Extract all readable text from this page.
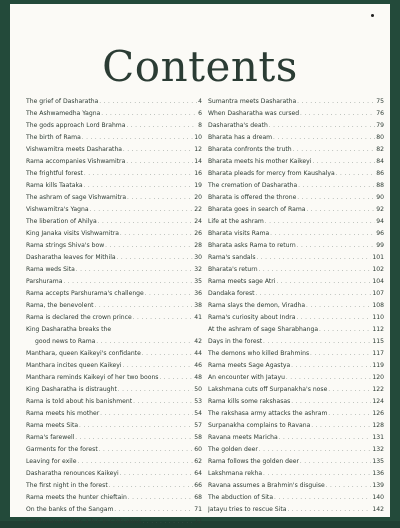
Contents
The grief of Dasharatha . . .	4
The Ashwamedha Yagna . . .	6
The gods approach Lord Brahma . . .	8
The birth of Rama . . .	10
Vishwamitra meets Dasharatha . . .	12
Rama accompanies Vishwamitra . . .	14
The frightful forest . . .	16
Rama kills Taataka . . .	19
The ashram of sage Vishwamitra . . .	20
Vishwamitra's Yagna . . .	22
The liberation of Ahilya . . .	24
King Janaka visits Vishwamitra . . .	26
Rama strings Shiva's bow . . .	28
Dasharatha leaves for Mithila . . .	30
Rama weds Sita . . .	32
Parshurama . . .	35
Rama accepts Parshurama's challenge . . .	36
Rama, the benevolent . . .	38
Rama is declared the crown prince . . .	41
King Dasharatha breaks the
good news to Rama . . .	42
Manthara, queen Kaikeyi's confidante . . .	44
Manthara incites queen Kaikeyi . . .	46
Manthara reminds Kaikeyi of her two boons . . .	48
King Dasharatha is distraught . . .	50
Rama is told about his banishment . . .	53
Rama meets his mother . . .	54
Rama meets Sita . . .	57
Rama's farewell . . .	58
Garments for the forest . . .	60
Leaving for exile . . .	62
Dasharatha renounces Kaikeyi . . .	64
The first night in the forest . . .	66
Rama meets the hunter chieftain . . .	68
On the banks of the Sangam . . .	71
Lakshmana makes a hut in Chitrakoot . . .	72
Sumantra meets Dasharatha . . .	75
When Dasharatha was cursed . . .	76
Dasharatha's death . . .	79
Bharata has a dream . . .	80
Bharata confronts the truth . . .	82
Bharata meets his mother Kaikeyi . . .	84
Bharata pleads for mercy from Kaushalya . . .	86
The cremation of Dasharatha . . .	88
Bharata is offered the throne . . .	90
Bharata goes in search of Rama . . .	92
Life at the ashram . . .	94
Bharata visits Rama . . .	96
Bharata asks Rama to return . . .	99
Rama's sandals . . .	101
Bharata's return . . .	102
Rama meets sage Atri . . .	104
Dandaka forest . . .	107
Rama slays the demon, Viradha . . .	108
Rama's curiosity about Indra . . .	110
At the ashram of sage Sharabhanga . . .	112
Days in the forest . . .	115
The demons who killed Brahmins . . .	117
Rama meets Sage Agastya . . .	119
An encounter with Jatayu . . .	120
Lakshmana cuts off Surpanakha's nose . . .	122
Rama kills some rakshasas . . .	124
The rakshasa army attacks the ashram . . .	126
Surpanakha complains to Ravana . . .	128
Ravana meets Maricha . . .	131
The golden deer . . .	132
Rama follows the golden deer . . .	135
Lakshmana rekha . . .	136
Ravana assumes a Brahmin's disguise . . .	139
The abduction of Sita . . .	140
Jatayu tries to rescue Sita . . .	142
